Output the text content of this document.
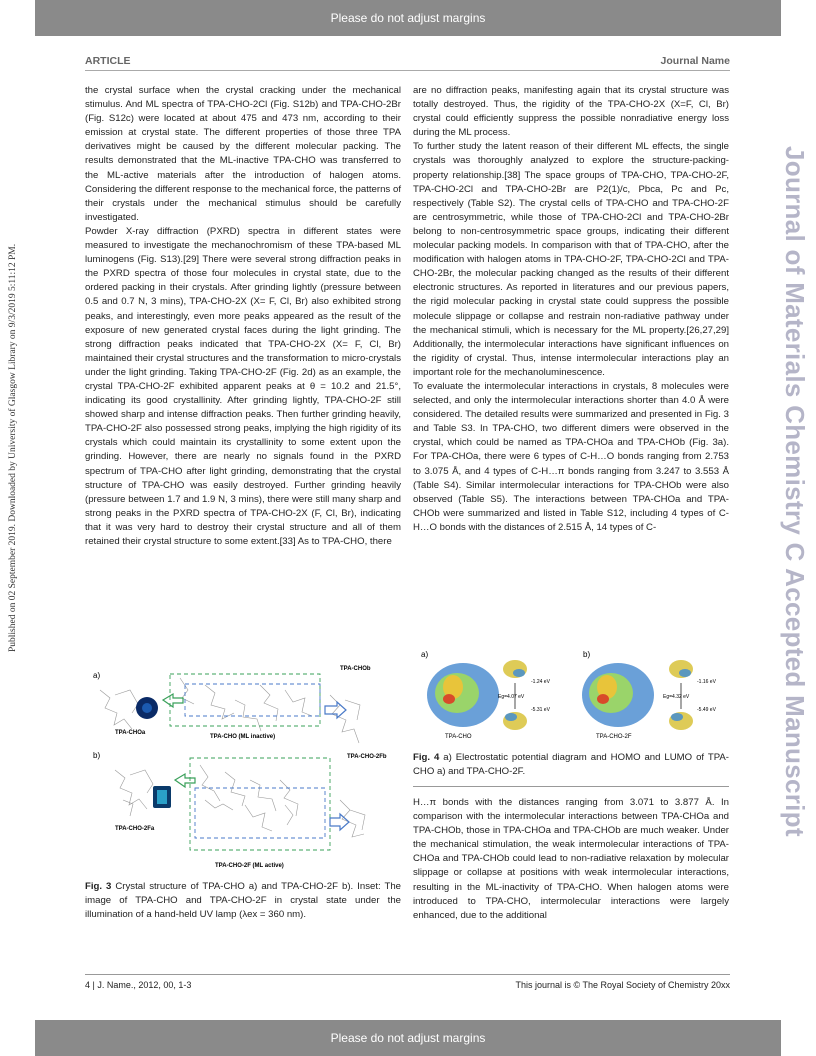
Please do not adjust margins
ARTICLE	Journal Name
Published on 02 September 2019. Downloaded by University of Glasgow Library on 9/3/2019 5:11:12 PM.	Journal of Materials Chemistry C Accepted Manuscript

the crystal surface when the crystal cracking under the mechanical stimulus. And ML spectra of TPA-CHO-2Cl (Fig. S12b) and TPA-CHO-2Br (Fig. S12c) were located at about 475 and 473 nm, according to their emission at crystal state. The different properties of those three TPA derivatives might be caused by the different molecular packing. The results demonstrated that the ML-inactive TPA-CHO was transferred to the ML-active materials after the introduction of halogen atoms. Considering the different response to the mechanical force, the patterns of their crystals under the mechanical stimulus should be carefully investigated.

Powder X-ray diffraction (PXRD) spectra in different states were measured to investigate the mechanochromism of these TPA-based ML luminogens (Fig. S13).[29] There were several strong diffraction peaks in the PXRD spectra of those four molecules in crystal state, due to the ordered packing in their crystals. After grinding lightly (pressure between 0.5 and 0.7 N, 3 mins), TPA-CHO-2X (X= F, Cl, Br) also exhibited strong peaks, and interestingly, even more peaks appeared as the result of the exposure of new generated crystal faces during the light grinding. The strong diffraction peaks indicated that TPA-CHO-2X (X= F, Cl, Br) maintained their crystal structures and the transformation to micro-crystals under the light grinding. Taking TPA-CHO-2F (Fig. 2d) as an example, the crystal TPA-CHO-2F exhibited apparent peaks at θ = 10.2 and 21.5°, indicating its good crystallinity. After grinding lightly, TPA-CHO-2F still showed sharp and intense diffraction peaks. Then further grinding heavily, TPA-CHO-2F also possessed strong peaks, implying the high rigidity of its crystals which could maintain its crystallinity to some extent upon the grinding. However, there are nearly no signals found in the PXRD spectrum of TPA-CHO after light grinding, demonstrating that the crystal structure of TPA-CHO was easily destroyed. Further grinding heavily (pressure between 1.7 and 1.9 N, 3 mins), there were still many sharp and strong peaks in the PXRD spectra of TPA-CHO-2X (F, Cl, Br), indicating that it was very hard to destroy their crystal structure and all of them retained their crystal structure to some extent.[33] As to TPA-CHO, there

are no diffraction peaks, manifesting again that its crystal structure was totally destroyed. Thus, the rigidity of the TPA-CHO-2X (X=F, Cl, Br) crystal could efficiently suppress the possible nonradiative energy loss during the ML process.

To further study the latent reason of their different ML effects, the single crystals was thoroughly analyzed to explore the structure-packing-property relationship.[38] The space groups of TPA-CHO, TPA-CHO-2F, TPA-CHO-2Cl and TPA-CHO-2Br are P2(1)/c, Pbca, Pc and Pc, respectively (Table S2). The crystal cells of TPA-CHO and TPA-CHO-2F are centrosymmetric, while those of TPA-CHO-2Cl and TPA-CHO-2Br belong to non-centrosymmetric space groups, indicating their different molecular packing models. In comparison with that of TPA-CHO, after the modification with halogen atoms in TPA-CHO-2F, TPA-CHO-2Cl and TPA-CHO-2Br, the molecular packing changed as the results of their different electronic structures. As reported in literatures and our previous papers, the rigid molecular packing in crystal state could suppress the possible molecule slippage or collapse and restrain non-radiative pathway under the mechanical stimuli, which is necessary for the ML property.[26,27,29] Additionally, the intermolecular interactions have significant influences on the rigidity of crystal. Thus, intense intermolecular interactions play an important role for the mechanoluminescence.

To evaluate the intermolecular interactions in crystals, 8 molecules were selected, and only the intermolecular interactions shorter than 4.0 Å were considered. The detailed results were summarized and presented in Fig. 3 and Table S3. In TPA-CHO, two different dimers were observed in the crystal, which could be named as TPA-CHOa and TPA-CHOb (Fig. 3a). For TPA-CHOa, there were 6 types of C-H…O bonds ranging from 2.753 to 3.075 Å, and 4 types of C-H…π bonds ranging from 3.247 to 3.553 Å (Table S4). Similar intermolecular interactions for TPA-CHOb were also observed (Table S5). The interactions between TPA-CHOa and TPA-CHOb were summarized and listed in Table S12, including 4 types of C-H…O bonds with the distances of 2.515 Å, 14 types of C-

a)
TPA-CHOb
TPA-CHOa
TPA-CHO (ML inactive)
b)	TPA-CHO-2Fb
TPA-CHO-2Fa
TPA-CHO-2F (ML active)
Fig. 3 Crystal structure of TPA-CHO a) and TPA-CHO-2F b). Inset: The image of TPA-CHO and TPA-CHO-2F in crystal state under the illumination of a hand-held UV lamp (λex = 360 nm).
a)	b)
-1.24 eV
Eg=4.07 eV
-5.31 eV
TPA-CHO
-1.16 eV
Eg=4.32 eV
-5.49 eV
TPA-CHO-2F
Fig. 4 a) Electrostatic potential diagram and HOMO and LUMO of TPA-CHO a) and TPA-CHO-2F.

H…π bonds with the distances ranging from 3.071 to 3.877 Å. In comparison with the intermolecular interactions between TPA-CHOa and TPA-CHOb, those in TPA-CHOa and TPA-CHOb are much weaker. Under the mechanical stimulation, the weak intermolecular interactions of TPA-CHOa and TPA-CHOb could lead to non-radiative relaxation by molecular slippage or collapse at positions with weak intermolecular interactions, resulting in the ML-inactivity of TPA-CHO. When halogen atoms were introduced to TPA-CHO, intermolecular interactions were largely enhanced, due to the additional

4 | J. Name., 2012, 00, 1-3	This journal is © The Royal Society of Chemistry 20xx
Please do not adjust margins
